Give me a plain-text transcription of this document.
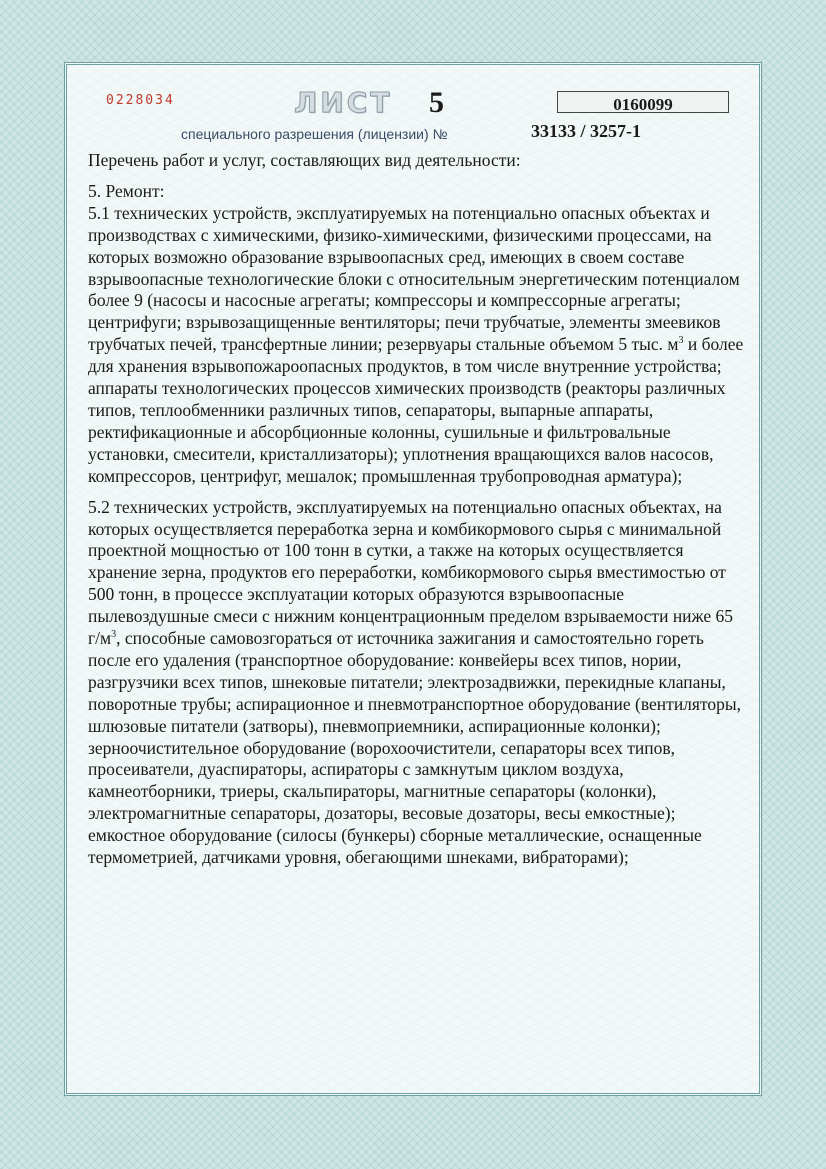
0228034	ЛИСТ 5	0160099
специального разрешения (лицензии) №	33133 / 3257-1

Перечень работ и услуг, составляющих вид деятельности:

5. Ремонт:

5.1 технических устройств, эксплуатируемых на потенциально опасных объектах и производствах с химическими, физико-химическими, физическими процессами, на которых возможно образование взрывоопасных сред, имеющих в своем составе взрывоопасные технологические блоки с относительным энергетическим потенциалом более 9 (насосы и насосные агрегаты; компрессоры и компрессорные агрегаты; центрифуги; взрывозащищенные вентиляторы; печи трубчатые, элементы змеевиков трубчатых печей, трансфертные линии; резервуары стальные объемом 5 тыс. $м^3$ и более для хранения взрывопожароопасных продуктов, в том числе внутренние устройства; аппараты технологических процессов химических производств (реакторы различных типов, теплообменники различных типов, сепараторы, выпарные аппараты, ректификационные и абсорбционные колонны, сушильные и фильтровальные установки, смесители, кристаллизаторы); уплотнения вращающихся валов насосов, компрессоров, центрифуг, мешалок; промышленная трубопроводная арматура);

5.2 технических устройств, эксплуатируемых на потенциально опасных объектах, на которых осуществляется переработка зерна и комбикормового сырья с минимальной проектной мощностью от 100 тонн в сутки, а также на которых осуществляется хранение зерна, продуктов его переработки, комбикормового сырья вместимостью от 500 тонн, в процессе эксплуатации которых образуются взрывоопасные пылевоздушные смеси с нижним концентрационным пределом взрываемости ниже 65 $г/м^3$, способные самовозгораться от источника зажигания и самостоятельно гореть после его удаления (транспортное оборудование: конвейеры всех типов, нории, разгрузчики всех типов, шнековые питатели; электрозадвижки, перекидные клапаны, поворотные трубы; аспирационное и пневмотранспортное оборудование (вентиляторы, шлюзовые питатели (затворы), пневмоприемники, аспирационные колонки); зерноочистительное оборудование (ворохоочистители, сепараторы всех типов, просеиватели, дуаспираторы, аспираторы с замкнутым циклом воздуха, камнеотборники, триеры, скальпираторы, магнитные сепараторы (колонки), электромагнитные сепараторы, дозаторы, весовые дозаторы, весы емкостные); емкостное оборудование (силосы (бункеры) сборные металлические, оснащенные термометрией, датчиками уровня, обегающими шнеками, вибраторами);
